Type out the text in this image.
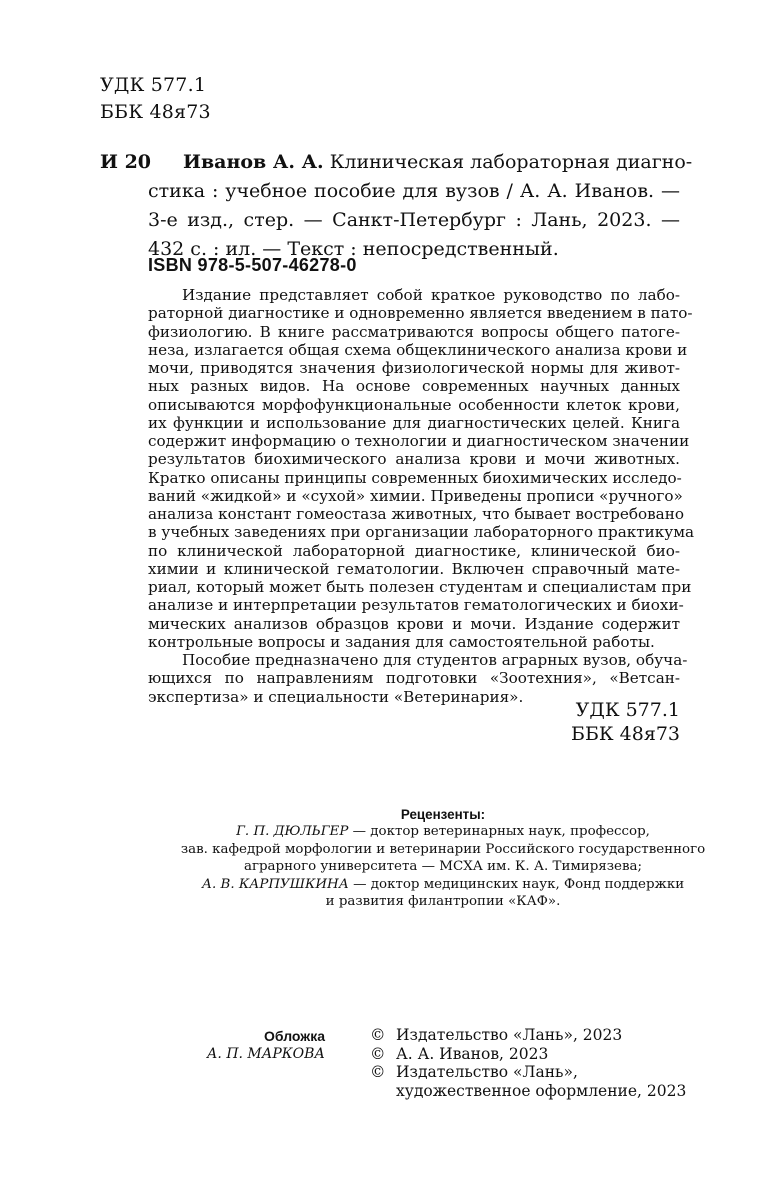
УДК 577.1
ББК 48я73
И 20	Иванов А. А. Клиническая лабораторная диагно-
стика : учебное пособие для вузов / А. А. Иванов. —
3-е изд., стер. — Санкт-Петербург : Лань, 2023. —
432 с. : ил. — Текст : непосредственный.
ISBN 978-5-507-46278-0
Издание представляет собой краткое руководство по лабо-
раторной диагностике и одновременно является введением в пато-
физиологию. В книге рассматриваются вопросы общего патоге-
неза, излагается общая схема общеклинического анализа крови и
мочи, приводятся значения физиологической нормы для живот-
ных разных видов. На основе современных научных данных
описываются морфофункциональные особенности клеток крови,
их функции и использование для диагностических целей. Книга
содержит информацию о технологии и диагностическом значении
результатов биохимического анализа крови и мочи животных.
Кратко описаны принципы современных биохимических исследо-
ваний «жидкой» и «сухой» химии. Приведены прописи «ручного»
анализа констант гомеостаза животных, что бывает востребовано
в учебных заведениях при организации лабораторного практикума
по клинической лабораторной диагностике, клинической био-
химии и клинической гематологии. Включен справочный мате-
риал, который может быть полезен студентам и специалистам при
анализе и интерпретации результатов гематологических и биохи-
мических анализов образцов крови и мочи. Издание содержит
контрольные вопросы и задания для самостоятельной работы.
Пособие предназначено для студентов аграрных вузов, обуча-
ющихся по направлениям подготовки «Зоотехния», «Ветсан-
экспертиза» и специальности «Ветеринария».
УДК 577.1
ББК 48я73
Рецензенты:
Г. П. ДЮЛЬГЕР — доктор ветеринарных наук, профессор,
зав. кафедрой морфологии и ветеринарии Российского государственного
аграрного университета — МСХА им. К. А. Тимирязева;
А. В. КАРПУШКИНА — доктор медицинских наук, Фонд поддержки
и развития филантропии «КАФ».
Обложка
А. П. МАРКОВА
© Издательство «Лань», 2023
© А. А. Иванов, 2023
© Издательство «Лань»,
художественное оформление, 2023
